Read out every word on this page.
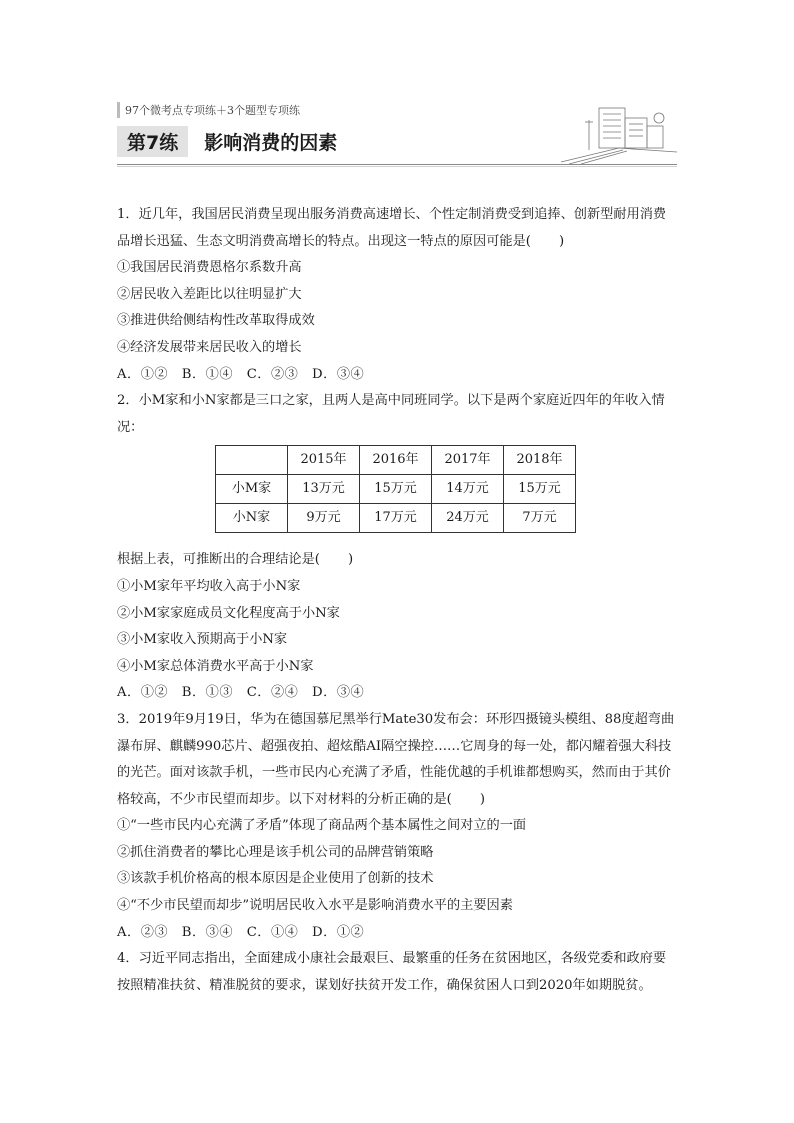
97个微考点专项练＋3个题型专项练
第7练	影响消费的因素

1．近几年，我国居民消费呈现出服务消费高速增长、个性定制消费受到追捧、创新型耐用消费品增长迅猛、生态文明消费高增长的特点。出现这一特点的原因可能是( )

①我国居民消费恩格尔系数升高

②居民收入差距比以往明显扩大

③推进供给侧结构性改革取得成效

④经济发展带来居民收入的增长

A．①②　B．①④　C．②③　D．③④

2．小M家和小N家都是三口之家，且两人是高中同班同学。以下是两个家庭近四年的年收入情况：

	2015年	2016年	2017年	2018年
小M家	13万元	15万元	14万元	15万元
小N家	9万元	17万元	24万元	7万元

根据上表，可推断出的合理结论是( )

①小M家年平均收入高于小N家

②小M家家庭成员文化程度高于小N家

③小M家收入预期高于小N家

④小M家总体消费水平高于小N家

A．①②　B．①③　C．②④　D．③④

3．2019年9月19日，华为在德国慕尼黑举行Mate30发布会：环形四摄镜头模组、88度超弯曲瀑布屏、麒麟990芯片、超强夜拍、超炫酷AI隔空操控……它周身的每一处，都闪耀着强大科技的光芒。面对该款手机，一些市民内心充满了矛盾，性能优越的手机谁都想购买，然而由于其价格较高，不少市民望而却步。以下对材料的分析正确的是( )

①“一些市民内心充满了矛盾”体现了商品两个基本属性之间对立的一面

②抓住消费者的攀比心理是该手机公司的品牌营销策略

③该款手机价格高的根本原因是企业使用了创新的技术

④“不少市民望而却步”说明居民收入水平是影响消费水平的主要因素

A．②③　B．③④　C．①④　D．①②

4．习近平同志指出，全面建成小康社会最艰巨、最繁重的任务在贫困地区，各级党委和政府要按照精准扶贫、精准脱贫的要求，谋划好扶贫开发工作，确保贫困人口到2020年如期脱贫。
